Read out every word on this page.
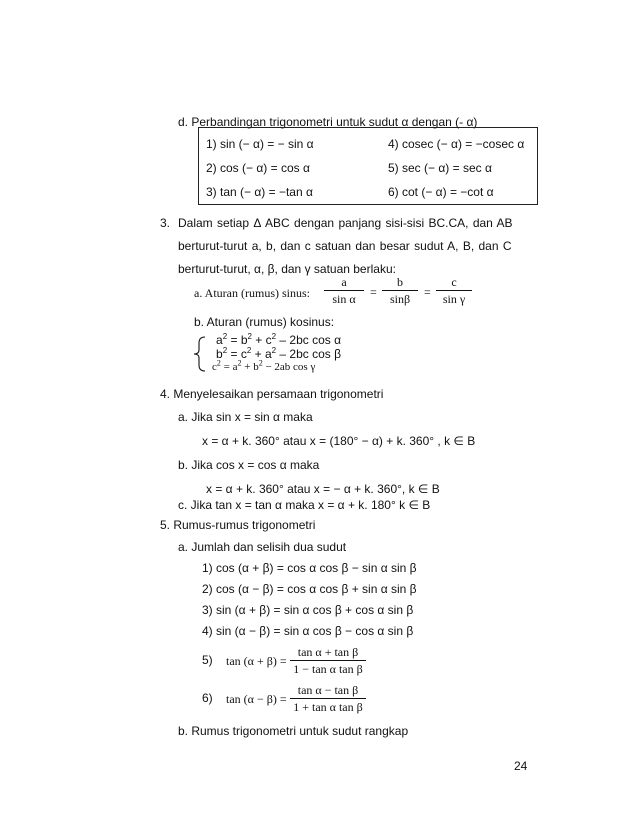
d. Perbandingan trigonometri untuk sudut α dengan (- α)
1) sin (− α) = − sin α
2) cos (− α) = cos α
3) tan (− α) = −tan α
4) cosec (− α) = −cosec α
5) sec (− α) = sec α
6) cot (− α) = −cot α
3. Dalam setiap Δ ABC dengan panjang sisi-sisi BC.CA, dan AB
berturut-turut a, b, dan c satuan dan besar sudut A, B, dan C
berturut-turut, α, β, dan γ satuan berlaku:
a. Aturan (rumus) sinus: $\frac{a}{\text{sin α}} = \frac{b}{\sin\beta} = \frac{c}{\text{sin γ}}$
b. Aturan (rumus) kosinus:
$a^2 = b^2 + c^2 - 2bc$ cos α
$b^2 = c^2 + a^2 - 2bc$ cos β
$c^2 = a^2 + b^2 - 2ab$ cos γ
4. Menyelesaikan persamaan trigonometri
a. Jika sin x = sin α maka
x = α + k. 360° atau x = (180° − α) + k. 360° , k ∈ B
b. Jika cos x = cos α maka
x = α + k. 360° atau x = − α + k. 360°, k ∈ B
c. Jika tan x = tan α maka x = α + k. 180° k ∈ B
5. Rumus-rumus trigonometri
a. Jumlah dan selisih dua sudut
1) cos (α + β) = cos α cos β − sin α sin β
2) cos (α − β) = cos α cos β + sin α sin β
3) sin (α + β) = sin α cos β + cos α sin β
4) sin (α − β) = sin α cos β − cos α sin β
5) $\tan (\alpha + \beta) = \frac{\text{tan α + tan β}}{\text{1 − tan α tan β}}$
6) $\tan (\alpha - \beta) = \frac{\text{tan α − tan β}}{\text{1 + tan α tan β}}$
b. Rumus trigonometri untuk sudut rangkap
24
